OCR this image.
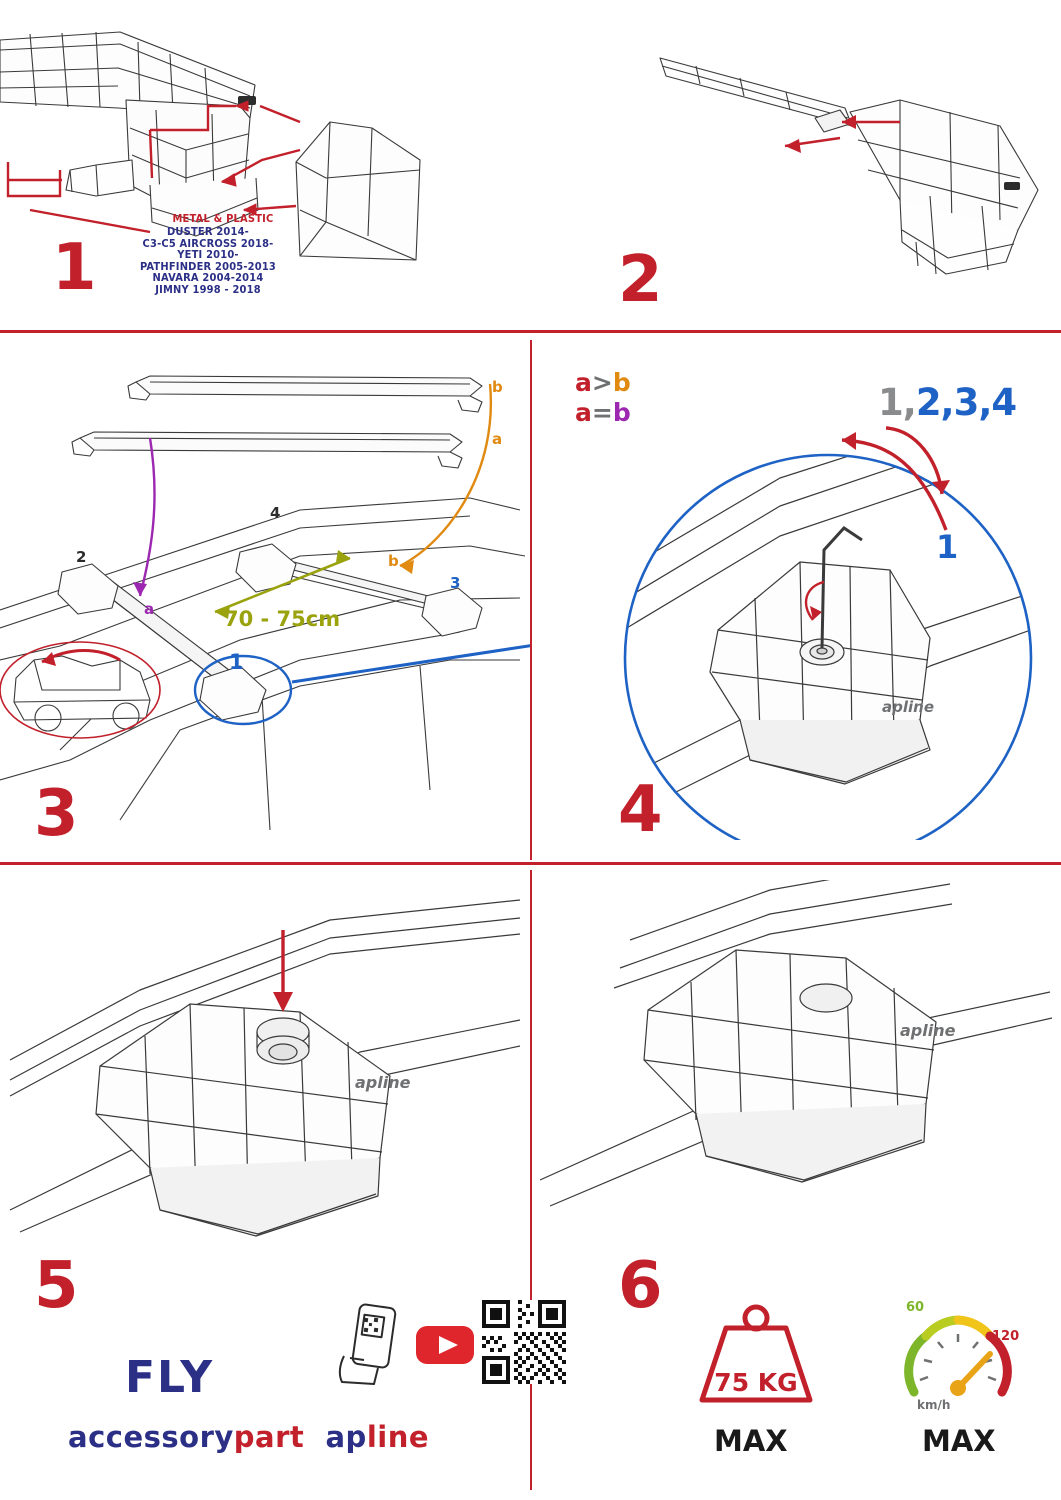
METAL & PLASTIC
DUSTER 2014-
C3-C5 AIRCROSS 2018-
YETI 2010-
PATHFINDER 2005-2013
NAVARA 2004-2014
JIMNY 1998 - 2018
1	2
a>b
a=b
b
a
b
a
2
3
4
1
70 - 75cm
3
apline
1,2,3,4
1
4
apline
5
FLY
accessorypart apline
apline
6
75 KG
MAX
60
120
km/h
MAX
